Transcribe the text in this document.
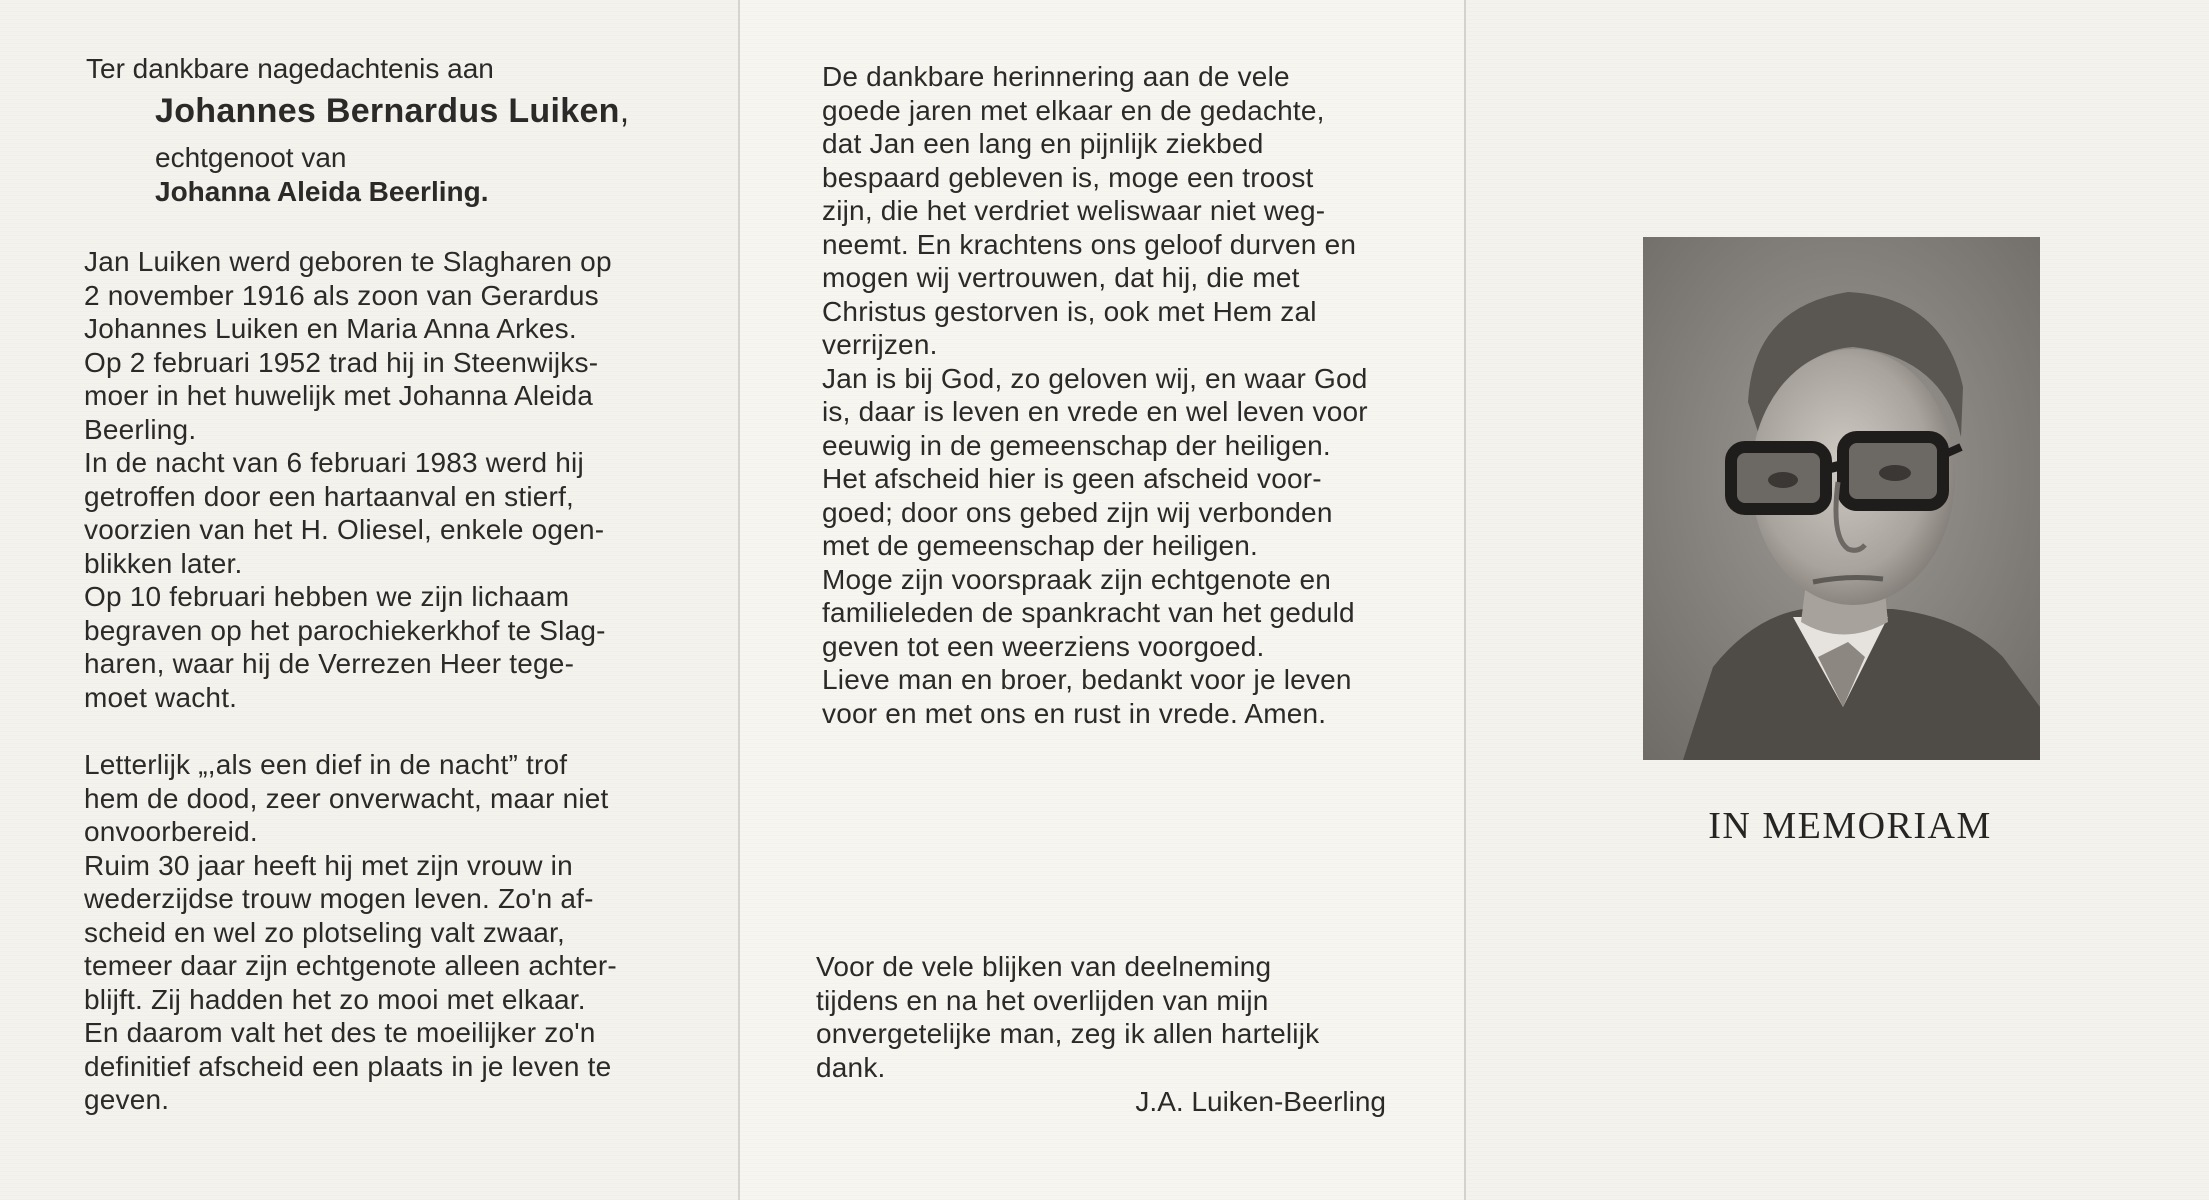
Ter dankbare nagedachtenis aan
Johannes Bernardus Luiken,
echtgenoot van
Johanna Aleida Beerling.
Jan Luiken werd geboren te Slagharen op
2 november 1916 als zoon van Gerardus
Johannes Luiken en Maria Anna Arkes.
Op 2 februari 1952 trad hij in Steenwijks-
moer in het huwelijk met Johanna Aleida
Beerling.
In de nacht van 6 februari 1983 werd hij
getroffen door een hartaanval en stierf,
voorzien van het H. Oliesel, enkele ogen-
blikken later.
Op 10 februari hebben we zijn lichaam
begraven op het parochiekerkhof te Slag-
haren, waar hij de Verrezen Heer tege-
moet wacht.
Letterlijk „,als een dief in de nacht” trof
hem de dood, zeer onverwacht, maar niet
onvoorbereid.
Ruim 30 jaar heeft hij met zijn vrouw in
wederzijdse trouw mogen leven. Zo'n af-
scheid en wel zo plotseling valt zwaar,
temeer daar zijn echtgenote alleen achter-
blijft. Zij hadden het zo mooi met elkaar.
En daarom valt het des te moeilijker zo'n
definitief afscheid een plaats in je leven te
geven.
De dankbare herinnering aan de vele
goede jaren met elkaar en de gedachte,
dat Jan een lang en pijnlijk ziekbed
bespaard gebleven is, moge een troost
zijn, die het verdriet weliswaar niet weg-
neemt. En krachtens ons geloof durven en
mogen wij vertrouwen, dat hij, die met
Christus gestorven is, ook met Hem zal
verrijzen.
Jan is bij God, zo geloven wij, en waar God
is, daar is leven en vrede en wel leven voor
eeuwig in de gemeenschap der heiligen.
Het afscheid hier is geen afscheid voor-
goed; door ons gebed zijn wij verbonden
met de gemeenschap der heiligen.
Moge zijn voorspraak zijn echtgenote en
familieleden de spankracht van het geduld
geven tot een weerziens voorgoed.
Lieve man en broer, bedankt voor je leven
voor en met ons en rust in vrede. Amen.
Voor de vele blijken van deelneming
tijdens en na het overlijden van mijn
onvergetelijke man, zeg ik allen hartelijk
dank.
J.A. Luiken-Beerling
IN MEMORIAM
